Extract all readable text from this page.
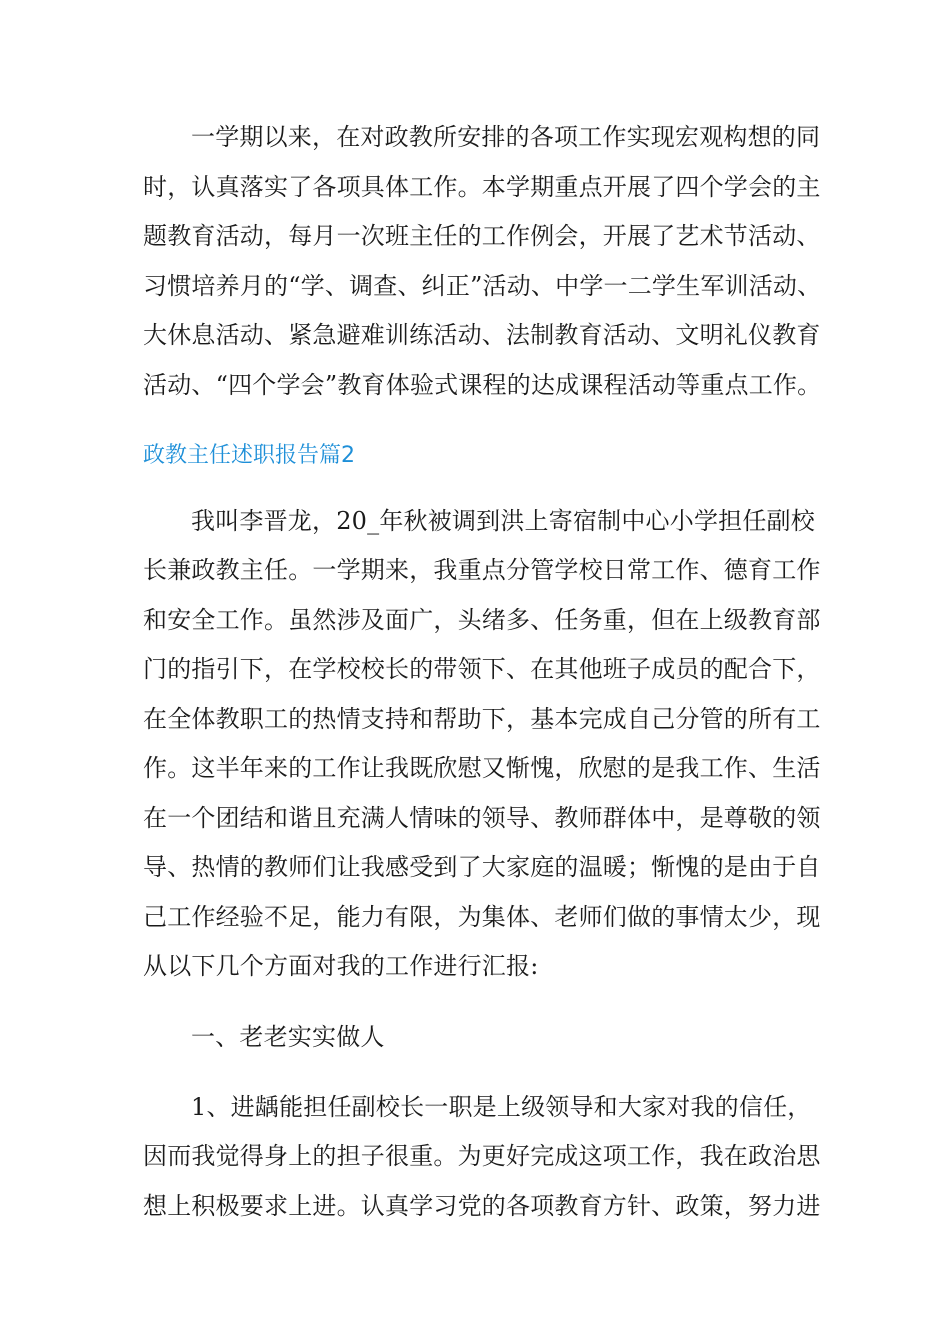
一学期以来，在对政教所安排的各项工作实现宏观构想的同
时，认真落实了各项具体工作。本学期重点开展了四个学会的主
题教育活动，每月一次班主任的工作例会，开展了艺术节活动、
习惯培养月的“学、调查、纠正”活动、中学一二学生军训活动、
大休息活动、紧急避难训练活动、法制教育活动、文明礼仪教育
活动、“四个学会”教育体验式课程的达成课程活动等重点工作。
政教主任述职报告篇2
我叫李晋龙，20_年秋被调到洪上寄宿制中心小学担任副校
长兼政教主任。一学期来，我重点分管学校日常工作、德育工作
和安全工作。虽然涉及面广，头绪多、任务重，但在上级教育部
门的指引下，在学校校长的带领下、在其他班子成员的配合下，
在全体教职工的热情支持和帮助下，基本完成自己分管的所有工
作。这半年来的工作让我既欣慰又惭愧，欣慰的是我工作、生活
在一个团结和谐且充满人情味的领导、教师群体中，是尊敬的领
导、热情的教师们让我感受到了大家庭的温暖；惭愧的是由于自
己工作经验不足，能力有限，为集体、老师们做的事情太少，现
从以下几个方面对我的工作进行汇报:
一、老老实实做人
1、进龋能担任副校长一职是上级领导和大家对我的信任，
因而我觉得身上的担子很重。为更好完成这项工作，我在政治思
想上积极要求上进。认真学习党的各项教育方针、政策，努力进
